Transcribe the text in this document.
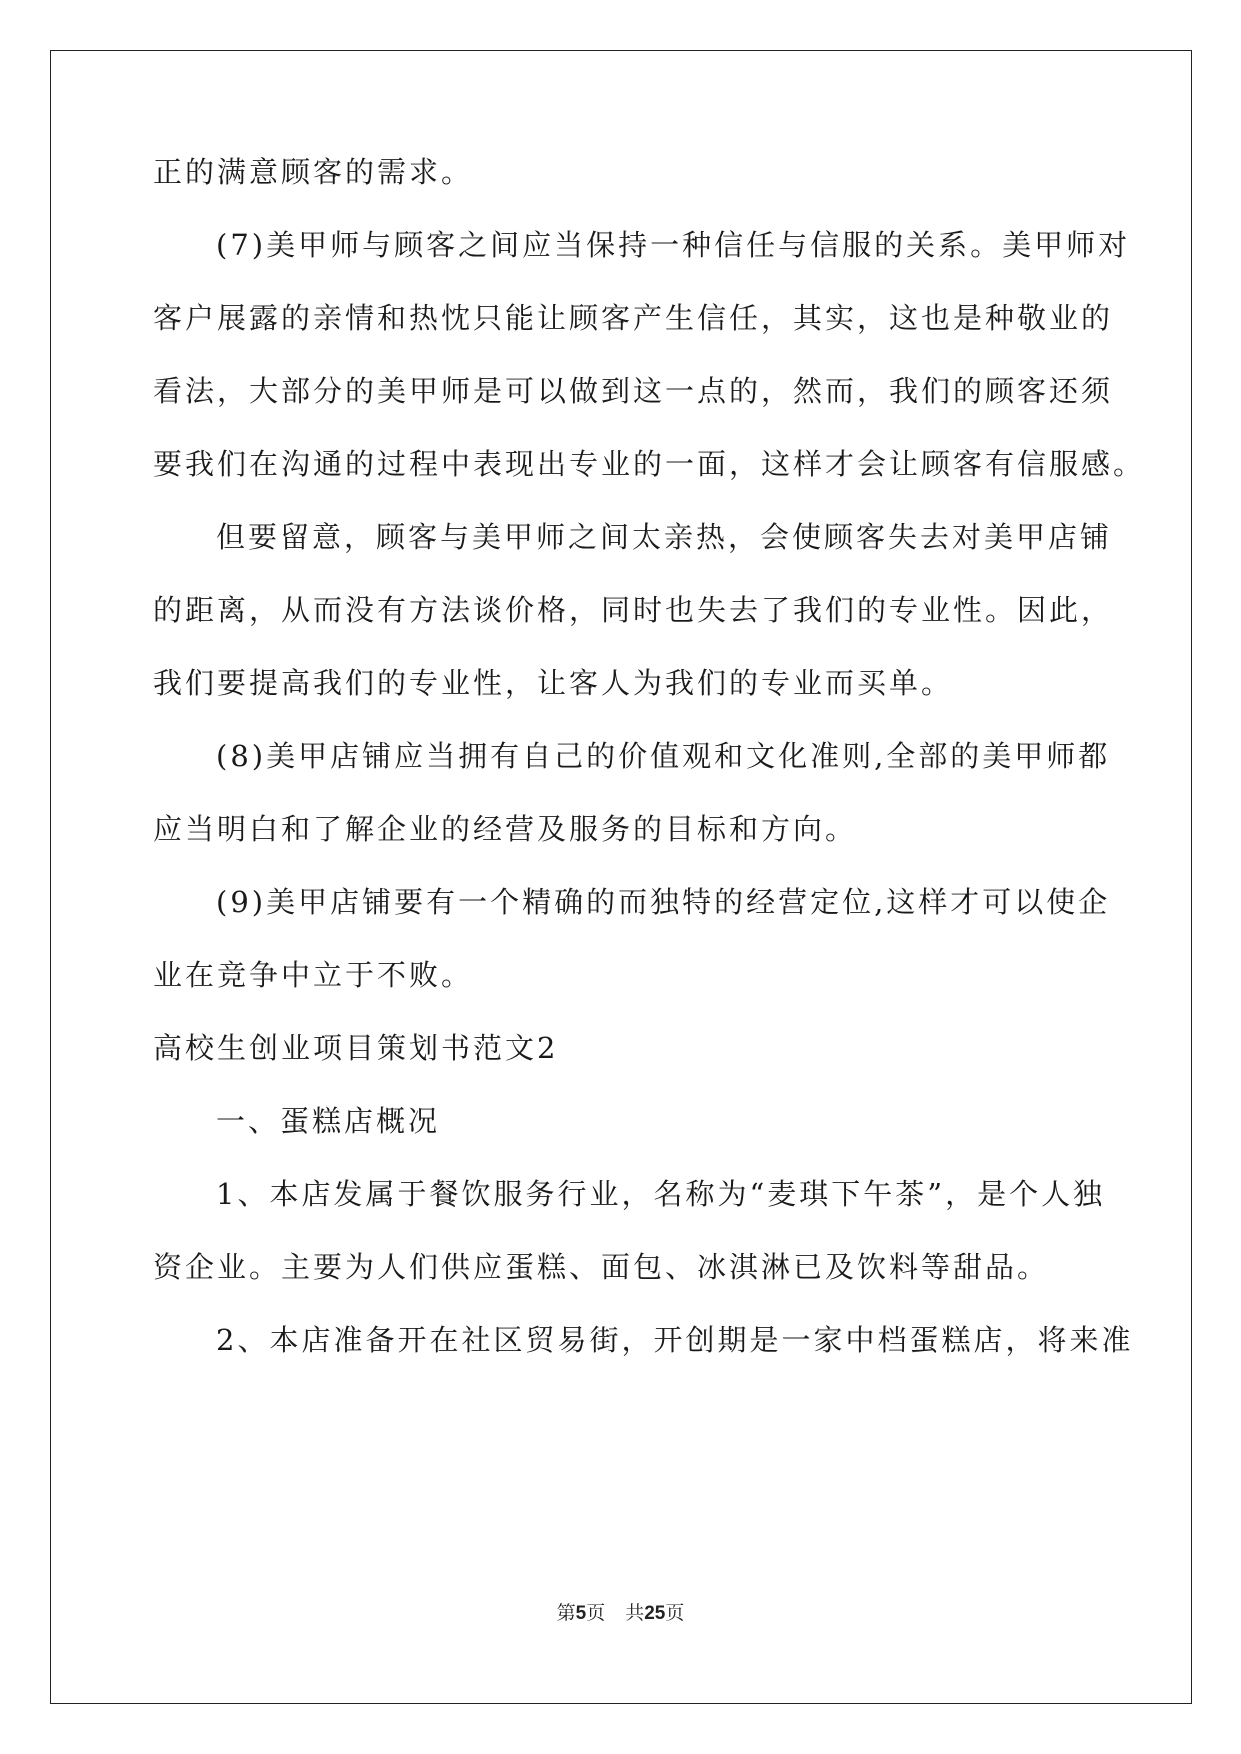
正的满意顾客的需求。
(7)美甲师与顾客之间应当保持一种信任与信服的关系。美甲师对
客户展露的亲情和热忱只能让顾客产生信任，其实，这也是种敬业的
看法，大部分的美甲师是可以做到这一点的，然而，我们的顾客还须
要我们在沟通的过程中表现出专业的一面，这样才会让顾客有信服感。
但要留意，顾客与美甲师之间太亲热，会使顾客失去对美甲店铺
的距离，从而没有方法谈价格，同时也失去了我们的专业性。因此，
我们要提高我们的专业性，让客人为我们的专业而买单。
(8)美甲店铺应当拥有自己的价值观和文化准则,全部的美甲师都
应当明白和了解企业的经营及服务的目标和方向。
(9)美甲店铺要有一个精确的而独特的经营定位,这样才可以使企
业在竞争中立于不败。
高校生创业项目策划书范文2
一、蛋糕店概况
1、本店发属于餐饮服务行业，名称为“麦琪下午茶”，是个人独
资企业。主要为人们供应蛋糕、面包、冰淇淋已及饮料等甜品。
2、本店准备开在社区贸易街，开创期是一家中档蛋糕店，将来准
第5页 共25页
